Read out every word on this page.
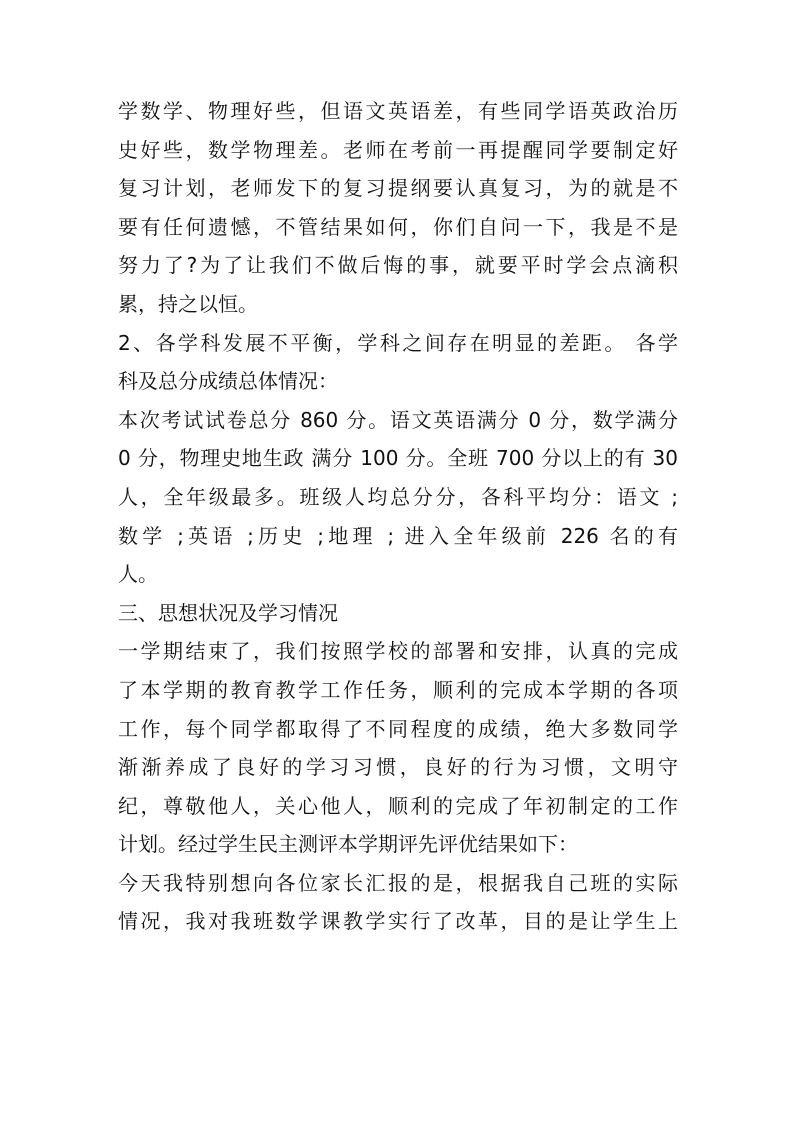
学数学、物理好些，但语文英语差，有些同学语英政治历
史好些，数学物理差。老师在考前一再提醒同学要制定好
复习计划，老师发下的复习提纲要认真复习，为的就是不
要有任何遗憾，不管结果如何，你们自问一下，我是不是
努力了?为了让我们不做后悔的事，就要平时学会点滴积
累，持之以恒。
2、各学科发展不平衡，学科之间存在明显的差距。 各学
科及总分成绩总体情况：
本次考试试卷总分 860 分。语文英语满分 0 分，数学满分
0 分，物理史地生政 满分 100 分。全班 700 分以上的有 30
人，全年级最多。班级人均总分分，各科平均分：语文 ;
数学 ;英语 ;历史 ;地理 ; 进入全年级前 226 名的有
人。
三、思想状况及学习情况
一学期结束了，我们按照学校的部署和安排，认真的完成
了本学期的教育教学工作任务，顺利的完成本学期的各项
工作，每个同学都取得了不同程度的成绩，绝大多数同学
渐渐养成了良好的学习习惯，良好的行为习惯，文明守
纪，尊敬他人，关心他人，顺利的完成了年初制定的工作
计划。经过学生民主测评本学期评先评优结果如下：
今天我特别想向各位家长汇报的是，根据我自己班的实际
情况，我对我班数学课教学实行了改革，目的是让学生上
